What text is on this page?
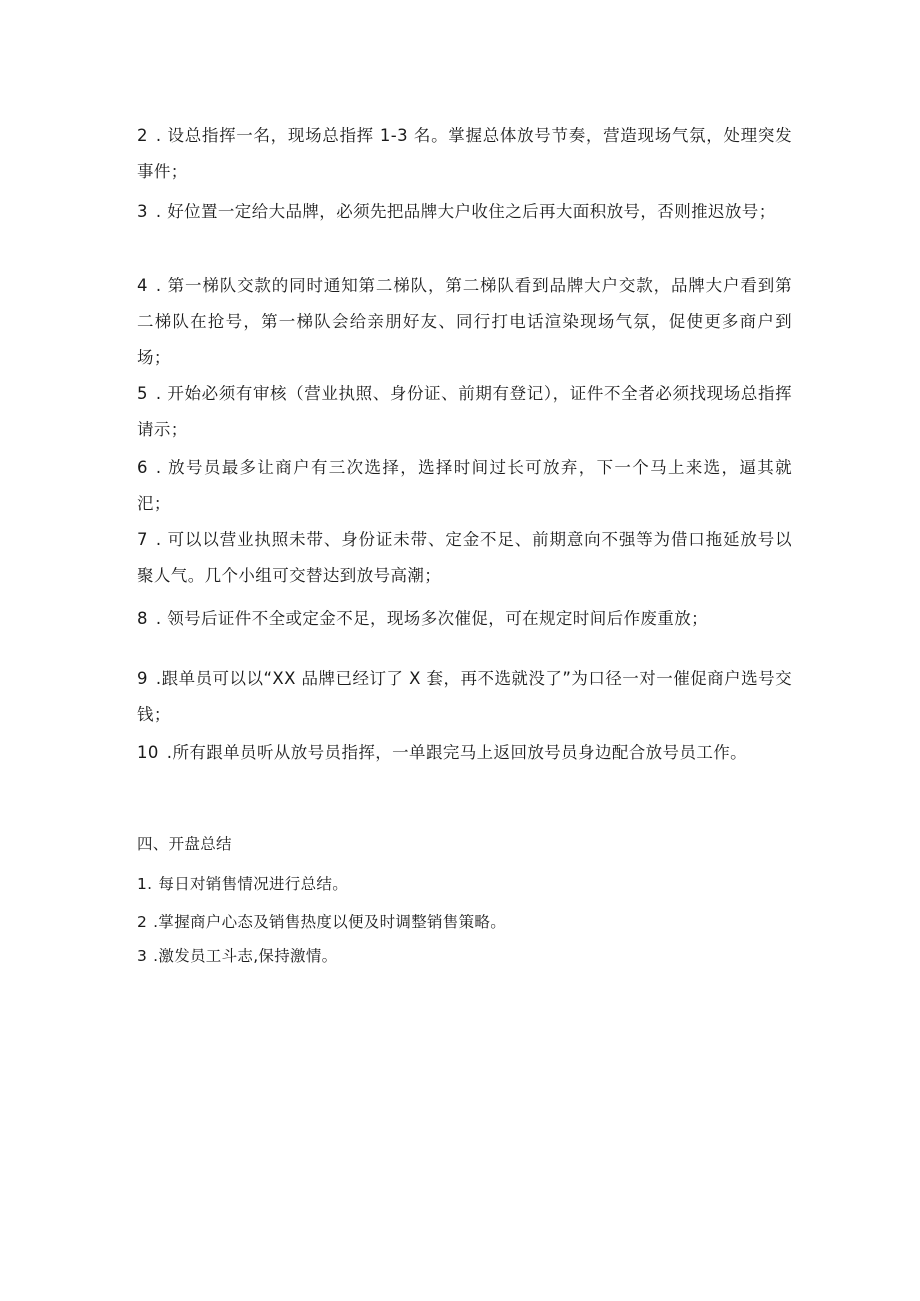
2 . 设总指挥一名，现场总指挥 1-3 名。掌握总体放号节奏，营造现场气氛，处理突发事件；

3 . 好位置一定给大品牌，必须先把品牌大户收住之后再大面积放号，否则推迟放号；

4 . 第一梯队交款的同时通知第二梯队，第二梯队看到品牌大户交款，品牌大户看到第二梯队在抢号，第一梯队会给亲朋好友、同行打电话渲染现场气氛，促使更多商户到场；

5 . 开始必须有审核（营业执照、身份证、前期有登记），证件不全者必须找现场总指挥请示；

6 . 放号员最多让商户有三次选择，选择时间过长可放弃，下一个马上来选，逼其就汜；

7 . 可以以营业执照未带、身份证未带、定金不足、前期意向不强等为借口拖延放号以聚人气。几个小组可交替达到放号高潮；

8 . 领号后证件不全或定金不足，现场多次催促，可在规定时间后作废重放；

9 .跟单员可以以“XX 品牌已经订了 X 套，再不选就没了”为口径一对一催促商户选号交钱；

10 .所有跟单员听从放号员指挥，一单跟完马上返回放号员身边配合放号员工作。

四、开盘总结

1. 每日对销售情况进行总结。

2 .掌握商户心态及销售热度以便及时调整销售策略。

3 .激发员工斗志,保持激情。
